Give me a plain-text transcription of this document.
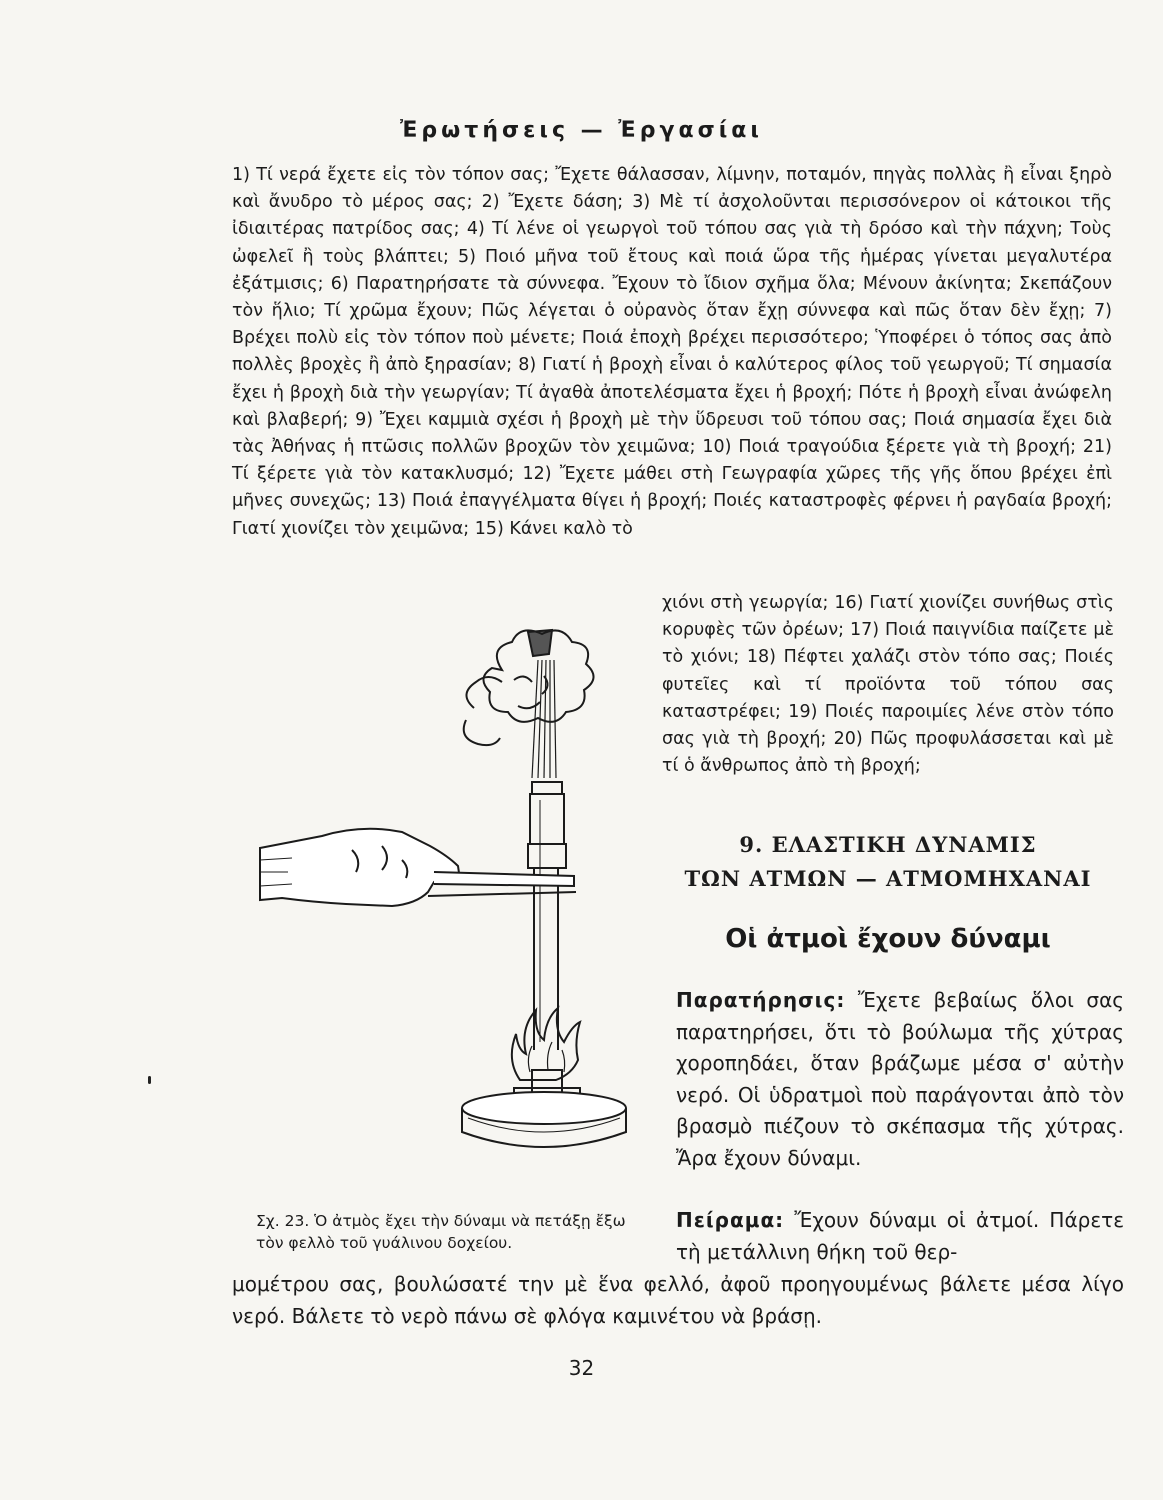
Ἐρωτήσεις — Ἐργασίαι

1) Τί νερά ἔχετε εἰς τὸν τόπον σας; Ἔχετε θάλασσαν, λίμνην, ποταμόν, πηγὰς πολλὰς ἢ εἶναι ξηρὸ καὶ ἄνυδρο τὸ μέρος σας; 2) Ἔχετε δάση; 3) Μὲ τί ἀσχολοῦνται περισσόνερον οἱ κάτοικοι τῆς ἰδιαιτέρας πατρίδος σας; 4) Τί λένε οἱ γεωργοὶ τοῦ τόπου σας γιὰ τὴ δρόσο καὶ τὴν πάχνη; Τοὺς ὠφελεῖ ἢ τοὺς βλάπτει; 5) Ποιό μῆνα τοῦ ἔτους καὶ ποιά ὥρα τῆς ἡμέρας γίνεται μεγαλυτέρα ἐξάτμισις; 6) Παρατηρήσατε τὰ σύννεφα. Ἔχουν τὸ ἴδιον σχῆμα ὅλα; Μένουν ἀκίνητα; Σκεπάζουν τὸν ἥλιο; Τί χρῶμα ἔχουν; Πῶς λέγεται ὁ οὐρανὸς ὅταν ἔχῃ σύννεφα καὶ πῶς ὅταν δὲν ἔχῃ; 7) Βρέχει πολὺ εἰς τὸν τόπον ποὺ μένετε; Ποιά ἐποχὴ βρέχει περισσότερο; Ὑποφέρει ὁ τόπος σας ἀπὸ πολλὲς βροχὲς ἢ ἀπὸ ξηρασίαν; 8) Γιατί ἡ βροχὴ εἶναι ὁ καλύτερος φίλος τοῦ γεωργοῦ; Τί σημασία ἔχει ἡ βροχὴ διὰ τὴν γεωργίαν; Τί ἀγαθὰ ἀποτελέσματα ἔχει ἡ βροχή; Πότε ἡ βροχὴ εἶναι ἀνώφελη καὶ βλαβερή; 9) Ἔχει καμμιὰ σχέσι ἡ βροχὴ μὲ τὴν ὕδρευσι τοῦ τόπου σας; Ποιά σημασία ἔχει διὰ τὰς Ἀθήνας ἡ πτῶσις πολλῶν βροχῶν τὸν χειμῶνα; 10) Ποιά τραγούδια ξέρετε γιὰ τὴ βροχή; 21) Τί ξέρετε γιὰ τὸν κατακλυσμό; 12) Ἔχετε μάθει στὴ Γεωγραφία χῶρες τῆς γῆς ὅπου βρέχει ἐπὶ μῆνες συνεχῶς; 13) Ποιά ἐπαγγέλματα θίγει ἡ βροχή; Ποιές καταστροφὲς φέρνει ἡ ραγδαία βροχή; Γιατί χιονίζει τὸν χειμῶνα; 15) Κάνει καλὸ τὸ

χιόνι στὴ γεωργία; 16) Γιατί χιονίζει συνήθως στὶς κορυφὲς τῶν ὀρέων; 17) Ποιά παιγνίδια παίζετε μὲ τὸ χιόνι; 18) Πέφτει χαλάζι στὸν τόπο σας; Ποιές φυτεῖες καὶ τί προϊόντα τοῦ τόπου σας καταστρέφει; 19) Ποιές παροιμίες λένε στὸν τόπο σας γιὰ τὴ βροχή; 20) Πῶς προφυλάσσεται καὶ μὲ τί ὁ ἄνθρωπος ἀπὸ τὴ βροχή;

Σχ. 23. Ὁ ἀτμὸς ἔχει τὴν δύναμι νὰ πετάξῃ ἔξω τὸν φελλὸ τοῦ γυάλινου δοχείου.

9. ΕΛΑΣΤΙΚΗ ΔΥΝΑΜΙΣ
ΤΩΝ ΑΤΜΩΝ — ΑΤΜΟΜΗΧΑΝΑΙ
Οἱ ἀτμοὶ ἔχουν δύναμι

Παρατήρησις: Ἔχετε βεβαίως ὅλοι σας παρατηρήσει, ὅτι τὸ βούλωμα τῆς χύτρας χοροπηδάει, ὅταν βράζωμε μέσα σ' αὐτὴν νερό. Οἱ ὑδρατμοὶ ποὺ παράγονται ἀπὸ τὸν βρασμὸ πιέζουν τὸ σκέπασμα τῆς χύτρας. Ἄρα ἔχουν δύναμι.

Πείραμα: Ἔχουν δύναμι οἱ ἀτμοί. Πάρετε τὴ μετάλλινη θήκη τοῦ θερ-

μομέτρου σας, βουλώσατέ την μὲ ἕνα φελλό, ἀφοῦ προηγουμένως βάλετε μέσα λίγο νερό. Βάλετε τὸ νερὸ πάνω σὲ φλόγα καμινέτου νὰ βράσῃ.

32
